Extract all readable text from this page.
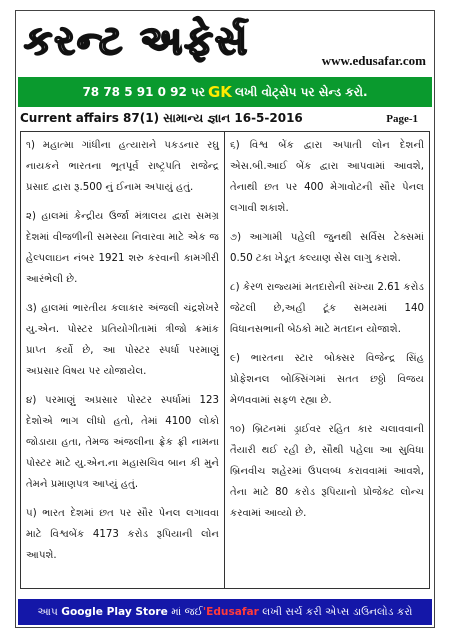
કરન્ટ અફેર્સ	www.edusafar.com
78 78 5 91 0 92 પર GK લખી વોટ્સેપ પર સેન્ડ કરો.
Current affairs 87(1) સામાન્ય જ્ઞાન 16-5-2016	Page-1

૧) મહાત્મા ગાંધીના હત્યારાને પકડનાર રઘુ નાયકને ભારતના ભૂતપૂર્વ રાષ્ટ્રપતિ રાજેન્દ્ર પ્રસાદ દ્વારા રૂ.500 નું ઈનામ અપાયું હતું.

૨) હાલમાં કેન્દ્રીય ઉર્જા મંત્રાલય દ્વારા સમગ્ર દેશમાં વીજળીની સમસ્યા નિવારવા માટે એક જ હેલ્પલાઇન નંબર 1921 શરુ કરવાની કામગીરી આરંભેલી છે.

૩) હાલમાં ભારતીય કલાકાર અંજલી ચંદ્રશેખરે યુ.એન. પોસ્ટર પ્રતિયોગીતામાં ત્રીજો ક્રમાંક પ્રાપ્ત કર્યો છે, આ પોસ્ટર સ્પર્ધા પરમાણું અપ્રસાર વિષય પર યોજાયેલ.

૪) પરમાણું અપ્રસાર પોસ્ટર સ્પર્ધામાં 123 દેશોએ ભાગ લીધો હતો, તેમાં 4100 લોકો જોડાયા હતા, તેમજ અંજલીના ફ્રેક ફ્રી નામના પોસ્ટર માટે યુ.એન.ના મહાસચિવ બાન કી મુને તેમને પ્રમાણપત્ર આપ્યું હતું.

૫) ભારત દેશમાં છત પર સૌર પેનલ લગાવવા માટે વિશ્વબેંક 4173 કરોડ રૂપિયાની લોન આપશે.

૬) વિશ્વ બેંક દ્વારા અપાતી લોન દેશની એસ.બી.આઈ બેંક દ્વારા આપવામાં આવશે, તેનાથી છત પર 400 મેગાવોટની સૌર પેનલ લગાવી શકાશે.

૭) આગામી પહેલી જુનથી સર્વિસ ટેક્સમાં 0.50 ટકા ખેડૂત કલ્યાણ સેસ લાગુ કરાશે.

૮) કેરળ રાજ્યમાં મતદારોની સંખ્યા 2.61 કરોડ જેટલી છે,અહી ટૂંક સમયમાં 140 વિધાનસભાની બેઠકો માટે મતદાન યોજાશે.

૯) ભારતના સ્ટાર બોક્સર વિજેન્દ્ર સિંહ પ્રોફેશનલ બોક્સિંગમાં સતત છઠ્ઠો વિજય મેળવવામાં સફળ રહ્યા છે.

૧૦) બ્રિટનમાં ડ્રાઈવર રહિત કાર ચલાવવાની તૈયારી થઈ રહી છે, સૌથી પહેલા આ સુવિધા બ્રિનવીચ શહેરમાં ઉપલબ્ધ કરાવવામાં આવશે, તેના માટે 80 કરોડ રૂપિયાનો પ્રોજેક્ટ લોન્ચ કરવામાં આવ્યો છે.

આપ
Google Play Store
માં જઈ 'Edusafar
લખી સર્ચ કરી એપ્સ ડાઉનલોડ કરો
